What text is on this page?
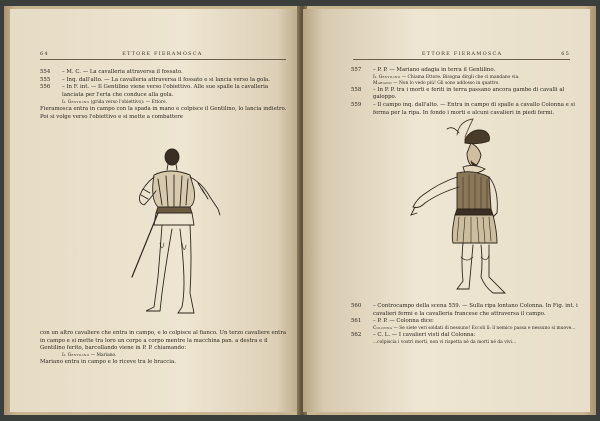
64	ETTORE FIERAMOSCA
554	– M. C. — La cavalleria attraversa il fossato.
555	– Inq. dall'alto. — La cavalleria attraversa il fossato e si lancia verso la gola.
556	– In F. int. — Il Gentilino viene verso l'obiettivo. Alle sue spalle la cavalleria lanciata per l'erta che conduce alla gola.
Il Gentilino (grida verso l'obiettivo): — Ettore.
Fieramosca entra in campo con la spada in mano e colpisce il Gentilino, lo lancia indietro. Poi si volge verso l'obiettivo e si mette a combattere
con un altro cavaliere che entra in campo, e lo colpisce al fianco. Un terzo cavaliere entra in campo e si mette tra loro un corpo a corpo mentre la macchina pan. a destra e il Gentilino ferito, barcollando viene in P. P. chiamando:
Il Gentilino — Mariano.
Mariano entra in campo e lo riceve tra le braccia.
ETTORE FIERAMOSCA	65
557	– P. P. — Mariano adagia in terra il Gentilino.
Il Gentilino — Chiama Ettore. Bisogna dirgli che ci mandano via.
Mariano — Non lo vedo più! Gli sono addosso in quattro.
558	– In P. P. tra i morti e feriti in terra passano ancora gambe di cavalli al galoppo.
559	– Il campo inq. dall'alto. — Entra in campo di spalle a cavallo Colonna e si ferma per la ripa. In fondo i morti e alcuni cavalieri in piedi fermi.
560	– Controcampo della scena 559. — Sulla ripa lontano Colonna. In Fig. int. i cavalieri fermi e la cavalleria francese che attraversa il campo.
561	– P. P. — Colonna dice:
Colonna — Se siete veri soldati di nessuno! Eccoli lì: il nemico passa e nessuno si muove...
562	– C. L. — I cavalieri visti dal Colonna:
...colpiscia i vostri morti, non vi rispetta né da morti né da vivi...
